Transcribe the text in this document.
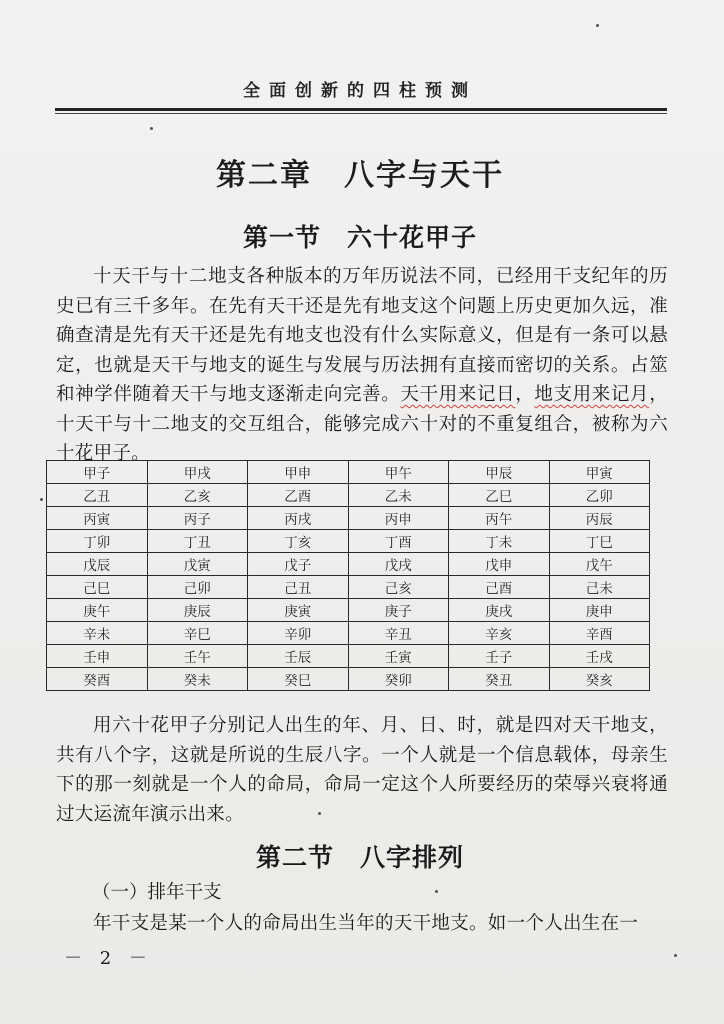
全面创新的四柱预测
第二章　八字与天干
第一节　六十花甲子

十天干与十二地支各种版本的万年历说法不同，已经用干支纪年的历史已有三千多年。在先有天干还是先有地支这个问题上历史更加久远，准确查清是先有天干还是先有地支也没有什么实际意义，但是有一条可以悬定，也就是天干与地支的诞生与发展与历法拥有直接而密切的关系。占筮和神学伴随着天干与地支逐渐走向完善。天干用来记日，地支用来记月，十天干与十二地支的交互组合，能够完成六十对的不重复组合，被称为六十花甲子。

甲子	甲戌	甲申	甲午	甲辰	甲寅
乙丑	乙亥	乙酉	乙未	乙巳	乙卯
丙寅	丙子	丙戌	丙申	丙午	丙辰
丁卯	丁丑	丁亥	丁酉	丁未	丁巳
戊辰	戊寅	戊子	戊戌	戊申	戊午
己巳	己卯	己丑	己亥	己酉	己未
庚午	庚辰	庚寅	庚子	庚戌	庚申
辛未	辛巳	辛卯	辛丑	辛亥	辛酉
壬申	壬午	壬辰	壬寅	壬子	壬戌
癸酉	癸未	癸巳	癸卯	癸丑	癸亥

用六十花甲子分别记人出生的年、月、日、时，就是四对天干地支，共有八个字，这就是所说的生辰八字。一个人就是一个信息载体，母亲生下的那一刻就是一个人的命局，命局一定这个人所要经历的荣辱兴衰将通过大运流年演示出来。

第二节　八字排列
（一）排年干支

年干支是某一个人的命局出生当年的天干地支。如一个人出生在一

－ 2 －
